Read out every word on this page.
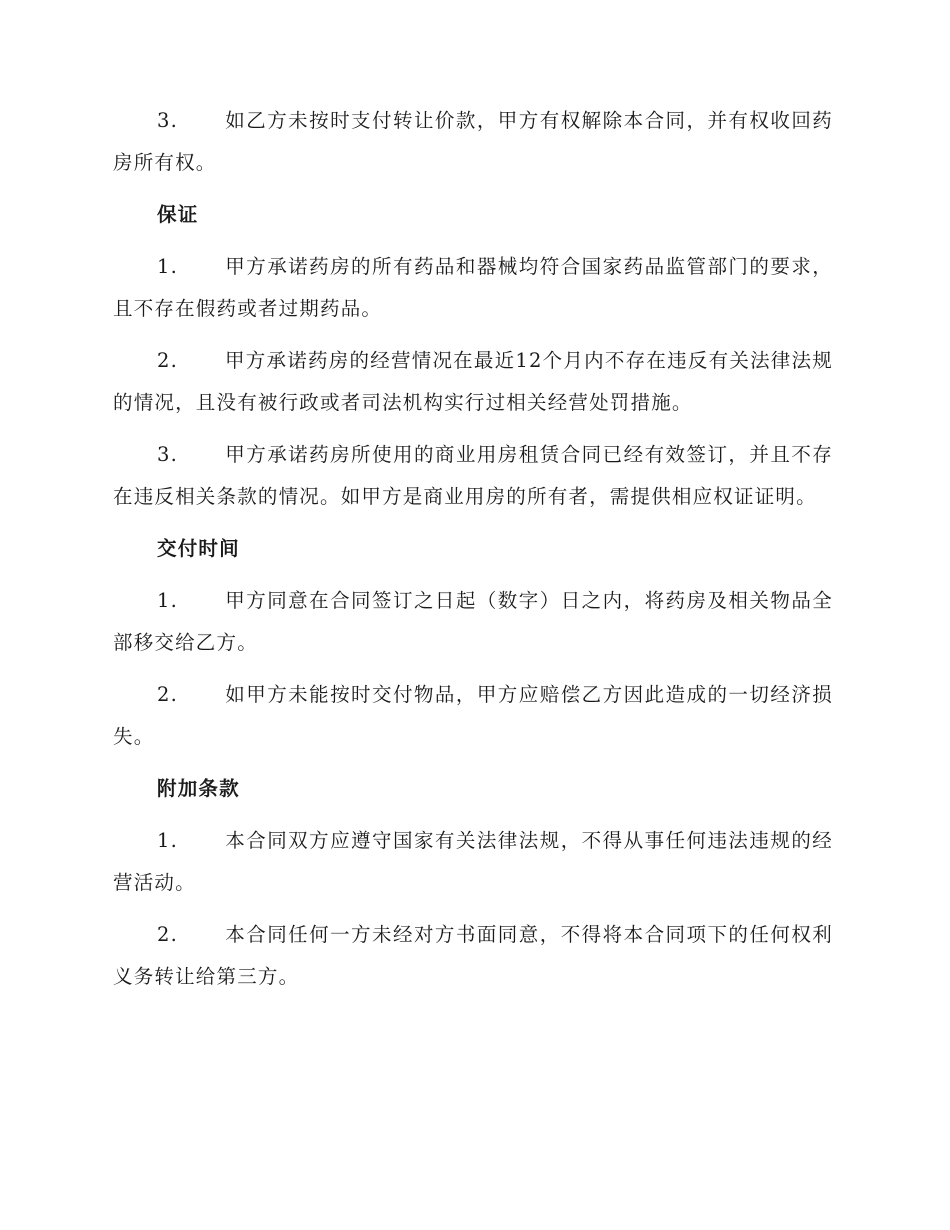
3. 如乙方未按时支付转让价款，甲方有权解除本合同，并有权收回药房所有权。

保证

1. 甲方承诺药房的所有药品和器械均符合国家药品监管部门的要求，且不存在假药或者过期药品。

2. 甲方承诺药房的经营情况在最近12个月内不存在违反有关法律法规的情况，且没有被行政或者司法机构实行过相关经营处罚措施。

3. 甲方承诺药房所使用的商业用房租赁合同已经有效签订，并且不存在违反相关条款的情况。如甲方是商业用房的所有者，需提供相应权证证明。

交付时间

1. 甲方同意在合同签订之日起（数字）日之内，将药房及相关物品全部移交给乙方。

2. 如甲方未能按时交付物品，甲方应赔偿乙方因此造成的一切经济损失。

附加条款

1. 本合同双方应遵守国家有关法律法规，不得从事任何违法违规的经营活动。

2. 本合同任何一方未经对方书面同意，不得将本合同项下的任何权利义务转让给第三方。
